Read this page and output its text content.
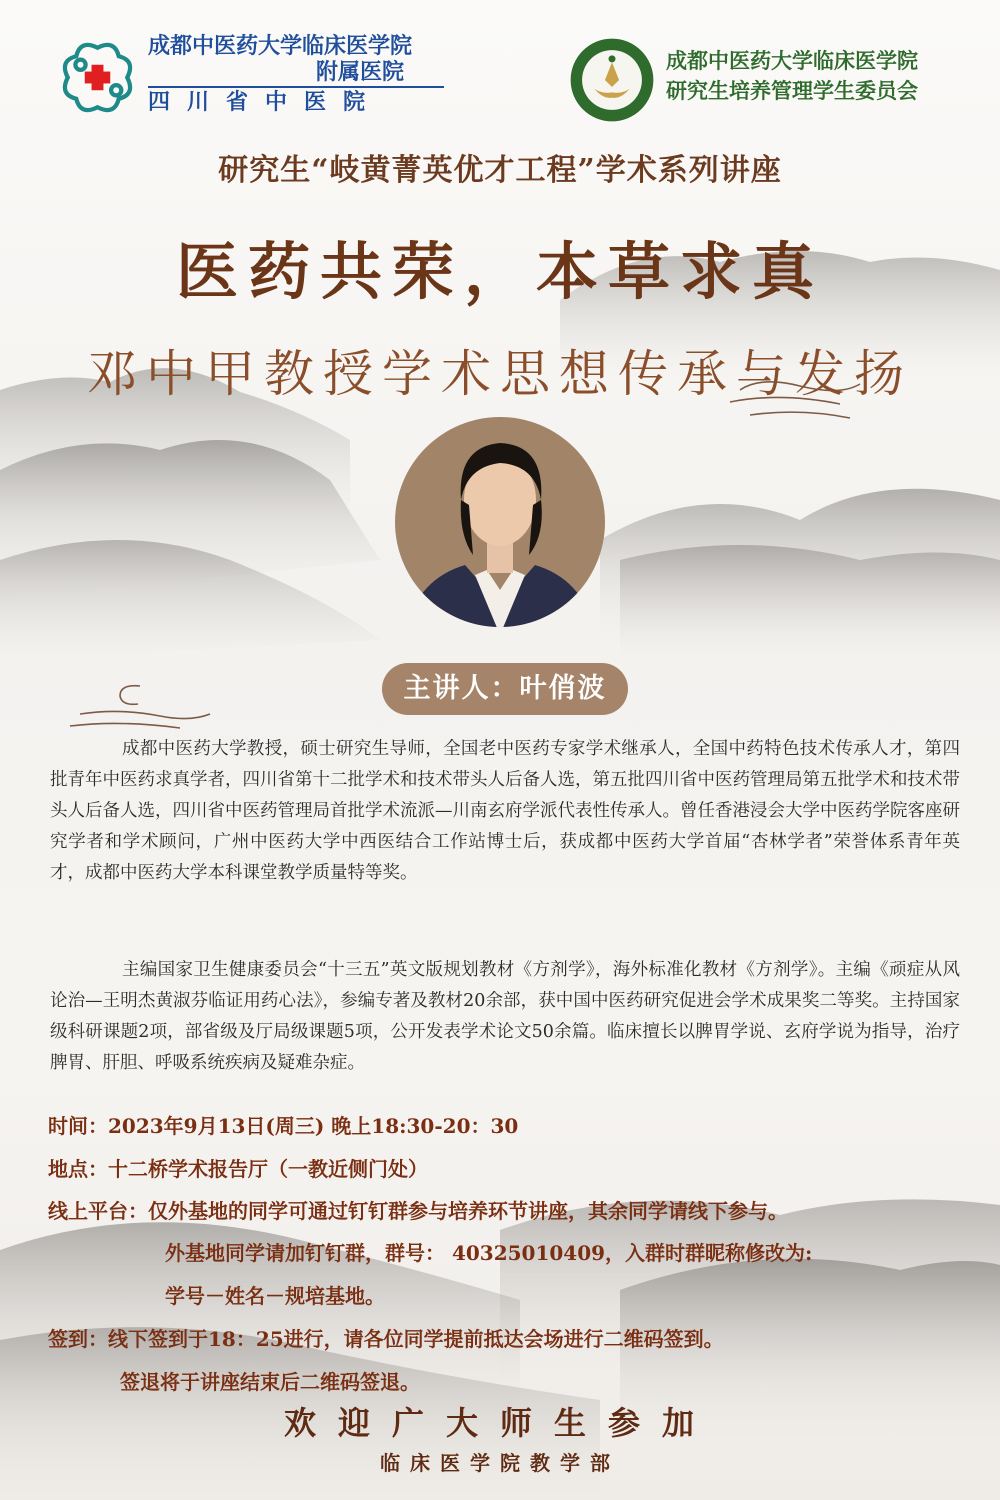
成都中医药大学临床医学院
附属医院
四川省中医院
成都中医药大学临床医学院
研究生培养管理学生委员会
研究生“岐黄菁英优才工程”学术系列讲座
医药共荣，本草求真
邓中甲教授学术思想传承与发扬
主讲人：叶俏波

成都中医药大学教授，硕士研究生导师，全国老中医药专家学术继承人，全国中药特色技术传承人才，第四批青年中医药求真学者，四川省第十二批学术和技术带头人后备人选，第五批四川省中医药管理局第五批学术和技术带头人后备人选，四川省中医药管理局首批学术流派—川南玄府学派代表性传承人。曾任香港浸会大学中医药学院客座研究学者和学术顾问，广州中医药大学中西医结合工作站博士后，获成都中医药大学首届“杏林学者”荣誉体系青年英才，成都中医药大学本科课堂教学质量特等奖。

主编国家卫生健康委员会“十三五”英文版规划教材《方剂学》，海外标准化教材《方剂学》。主编《顽症从风论治—王明杰黄淑芬临证用药心法》，参编专著及教材20余部，获中国中医药研究促进会学术成果奖二等奖。主持国家级科研课题2项，部省级及厅局级课题5项，公开发表学术论文50余篇。临床擅长以脾胃学说、玄府学说为指导，治疗脾胃、肝胆、呼吸系统疾病及疑难杂症。

时间：2023年9月13日(周三) 晚上18:30-20：30
地点：十二桥学术报告厅（一教近侧门处）
线上平台：仅外基地的同学可通过钉钉群参与培养环节讲座，其余同学请线下参与。
外基地同学请加钉钉群，群号： 40325010409，入群时群昵称修改为:
学号－姓名－规培基地。
签到：线下签到于18：25进行，请各位同学提前抵达会场进行二维码签到。
签退将于讲座结束后二维码签退。
欢迎广大师生参加
临床医学院教学部
